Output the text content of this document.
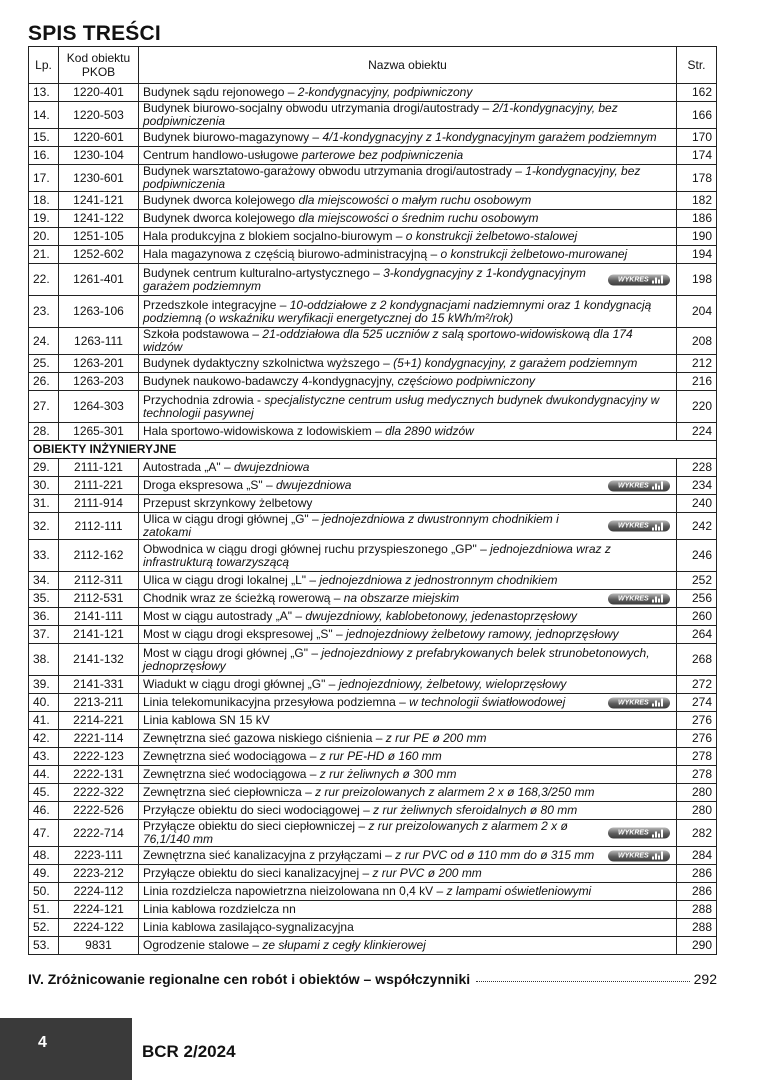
SPIS TREŚCI
Lp.	Kod obiektu PKOB	Nazwa obiektu	Str.
13.	1220-401	Budynek sądu rejonowego – 2-kondygnacyjny, podpiwniczony	162
14.	1220-503	Budynek biurowo-socjalny obwodu utrzymania drogi/autostrady – 2/1-kondygnacyjny, bez podpiwniczenia	166
15.	1220-601	Budynek biurowo-magazynowy – 4/1-kondygnacyjny z 1-kondygnacyjnym garażem podziemnym	170
16.	1230-104	Centrum handlowo-usługowe parterowe bez podpiwniczenia	174
17.	1230-601	Budynek warsztatowo-garażowy obwodu utrzymania drogi/autostrady – 1-kondygnacyjny, bez podpiwniczenia	178
18.	1241-121	Budynek dworca kolejowego dla miejscowości o małym ruchu osobowym	182
19.	1241-122	Budynek dworca kolejowego dla miejscowości o średnim ruchu osobowym	186
20.	1251-105	Hala produkcyjna z blokiem socjalno-biurowym – o konstrukcji żelbetowo-stalowej	190
21.	1252-602	Hala magazynowa z częścią biurowo-administracyjną – o konstrukcji żelbetowo-murowanej	194
22.	1261-401	Budynek centrum kulturalno-artystycznego – 3-kondygnacyjny z 1-kondygnacyjnym garażem podziemnym WYKRES	198
23.	1263-106	Przedszkole integracyjne – 10-oddziałowe z 2 kondygnacjami nadziemnymi oraz 1 kondygnacją podziemną (o wskaźniku weryfikacji energetycznej do 15 kWh/m²/rok)	204
24.	1263-111	Szkoła podstawowa – 21-oddziałowa dla 525 uczniów z salą sportowo-widowiskową dla 174 widzów	208
25.	1263-201	Budynek dydaktyczny szkolnictwa wyższego – (5+1) kondygnacyjny, z garażem podziemnym	212
26.	1263-203	Budynek naukowo-badawczy 4-kondygnacyjny, częściowo podpiwniczony	216
27.	1264-303	Przychodnia zdrowia - specjalistyczne centrum usług medycznych budynek dwukondygnacyjny w technologii pasywnej	220
28.	1265-301	Hala sportowo-widowiskowa z lodowiskiem – dla 2890 widzów	224
OBIEKTY INŻYNIERYJNE			
29.	2111-121	Autostrada „A" – dwujezdniowa	228
30.	2111-221	Droga ekspresowa „S" – dwujezdniowa WYKRES	234
31.	2111-914	Przepust skrzynkowy żelbetowy	240
32.	2112-111	Ulica w ciągu drogi głównej „G" – jednojezdniowa z dwustronnym chodnikiem i zatokami WYKRES	242
33.	2112-162	Obwodnica w ciągu drogi głównej ruchu przyspieszonego „GP" – jednojezdniowa wraz z infrastrukturą towarzyszącą	246
34.	2112-311	Ulica w ciągu drogi lokalnej „L" – jednojezdniowa z jednostronnym chodnikiem	252
35.	2112-531	Chodnik wraz ze ścieżką rowerową – na obszarze miejskim WYKRES	256
36.	2141-111	Most w ciągu autostrady „A" – dwujezdniowy, kablobetonowy, jedenastoprzęsłowy	260
37.	2141-121	Most w ciągu drogi ekspresowej „S" – jednojezdniowy żelbetowy ramowy, jednoprzęsłowy	264
38.	2141-132	Most w ciągu drogi głównej „G" – jednojezdniowy z prefabrykowanych belek strunobetonowych, jednoprzęsłowy	268
39.	2141-331	Wiadukt w ciągu drogi głównej „G" – jednojezdniowy, żelbetowy, wieloprzęsłowy	272
40.	2213-211	Linia telekomunikacyjna przesyłowa podziemna – w technologii światłowodowej WYKRES	274
41.	2214-221	Linia kablowa SN 15 kV	276
42.	2221-114	Zewnętrzna sieć gazowa niskiego ciśnienia – z rur PE ø 200 mm	276
43.	2222-123	Zewnętrzna sieć wodociągowa – z rur PE-HD ø 160 mm	278
44.	2222-131	Zewnętrzna sieć wodociągowa – z rur żeliwnych ø 300 mm	278
45.	2222-322	Zewnętrzna sieć ciepłownicza – z rur preizolowanych z alarmem 2 x ø 168,3/250 mm	280
46.	2222-526	Przyłącze obiektu do sieci wodociągowej – z rur żeliwnych sferoidalnych ø 80 mm	280
47.	2222-714	Przyłącze obiektu do sieci ciepłowniczej – z rur preizolowanych z alarmem 2 x ø 76,1/140 mm WYKRES	282
48.	2223-111	Zewnętrzna sieć kanalizacyjna z przyłączami – z rur PVC od ø 110 mm do ø 315 mm WYKRES	284
49.	2223-212	Przyłącze obiektu do sieci kanalizacyjnej – z rur PVC ø 200 mm	286
50.	2224-112	Linia rozdzielcza napowietrzna nieizolowana nn 0,4 kV – z lampami oświetleniowymi	286
51.	2224-121	Linia kablowa rozdzielcza nn	288
52.	2224-122	Linia kablowa zasilająco-sygnalizacyjna	288
53.	9831	Ogrodzenie stalowe – ze słupami z cegły klinkierowej	290
IV. Zróżnicowanie regionalne cen robót i obiektów – współczynniki	292
4	BCR 2/2024
